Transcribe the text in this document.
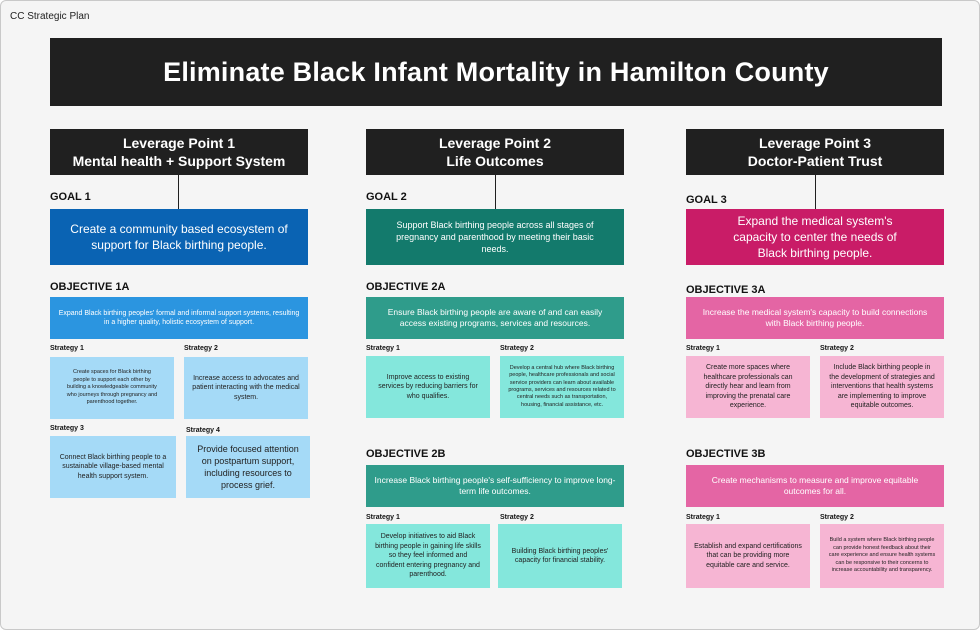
CC Strategic Plan
Eliminate Black Infant Mortality in Hamilton County
Leverage Point 1
Mental health + Support System
GOAL 1
Create a community based ecosystem of support for Black birthing people.
OBJECTIVE 1A
Expand Black birthing peoples' formal and informal support systems, resulting in a higher quality, holistic ecosystem of support.
Strategy 1
Create spaces for Black birthing people to support each other by building a knowledgeable community who journeys through pregnancy and parenthood together.
Strategy 2
Increase access to advocates and patient interacting with the medical system.
Strategy 3
Connect Black birthing people to a sustainable village-based mental health support system.
Strategy 4
Provide focused attention on postpartum support, including resources to process grief.
Leverage Point 2
Life Outcomes
GOAL 2
Support Black birthing people across all stages of pregnancy and parenthood by meeting their basic needs.
OBJECTIVE 2A
Ensure Black birthing people are aware of and can easily access existing programs, services and resources.
Strategy 1
Improve access to existing services by reducing barriers for who qualifies.
Strategy 2
Develop a central hub where Black birthing people, healthcare professionals and social service providers can learn about available programs, services and resources related to central needs such as transportation, housing, financial assistance, etc.
OBJECTIVE 2B
Increase Black birthing people's self-sufficiency to improve long-term life outcomes.
Strategy 1
Develop initiatives to aid Black birthing people in gaining life skills so they feel informed and confident entering pregnancy and parenthood.
Strategy 2
Building Black birthing peoples' capacity for financial stability.
Leverage Point 3
Doctor-Patient Trust
GOAL 3
Expand the medical system's capacity to center the needs of Black birthing people.
OBJECTIVE 3A
Increase the medical system's capacity to build connections with Black birthing people.
Strategy 1
Create more spaces where healthcare professionals can directly hear and learn from improving the prenatal care experience.
Strategy 2
Include Black birthing people in the development of strategies and interventions that health systems are implementing to improve equitable outcomes.
OBJECTIVE 3B
Create mechanisms to measure and improve equitable outcomes for all.
Strategy 1
Establish and expand certifications that can be providing more equitable care and service.
Strategy 2
Build a system where Black birthing people can provide honest feedback about their care experience and ensure health systems can be responsive to their concerns to increase accountability and transparency.
